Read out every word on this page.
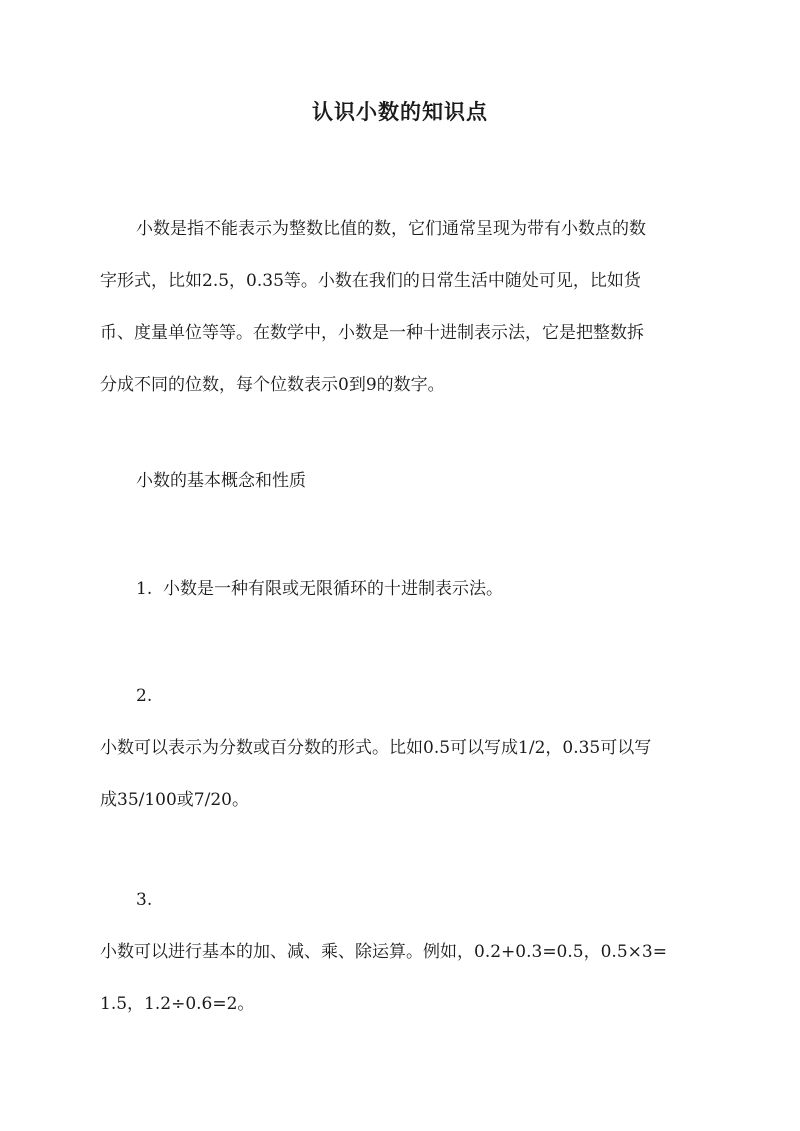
认识小数的知识点
小数是指不能表示为整数比值的数，它们通常呈现为带有小数点的数
字形式，比如2.5，0.35等。小数在我们的日常生活中随处可见，比如货
币、度量单位等等。在数学中，小数是一种十进制表示法，它是把整数拆
分成不同的位数，每个位数表示0到9的数字。
小数的基本概念和性质
1. 小数是一种有限或无限循环的十进制表示法。
2.
小数可以表示为分数或百分数的形式。比如0.5可以写成1/2，0.35可以写
成35/100或7/20。
3.
小数可以进行基本的加、减、乘、除运算。例如，0.2+0.3=0.5，0.5×3=
1.5，1.2÷0.6=2。
